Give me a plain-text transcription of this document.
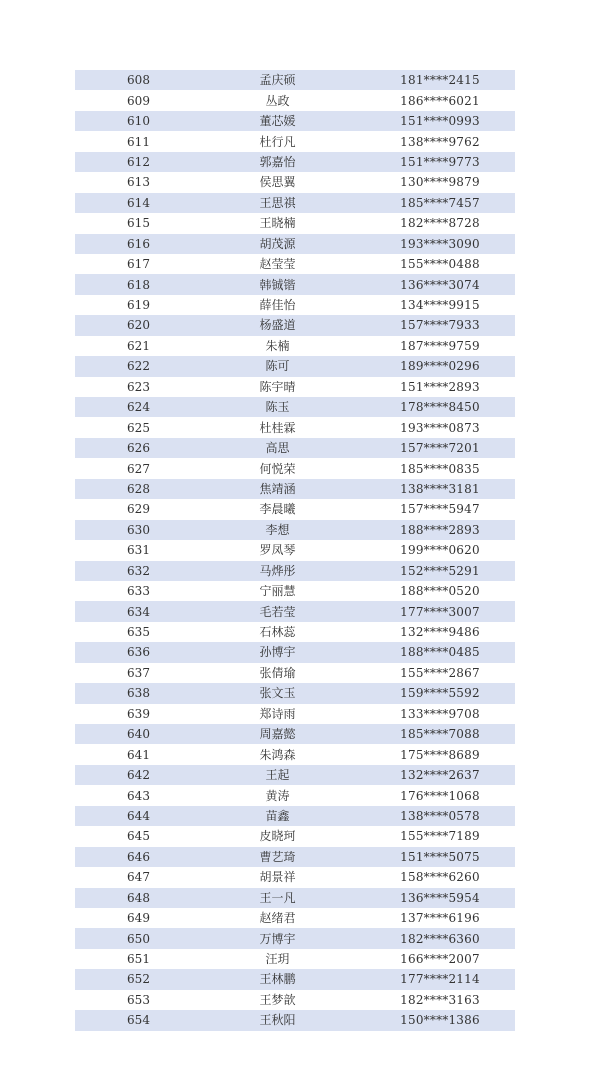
608	孟庆硕	181****2415
609	丛政	186****6021
610	董芯媛	151****0993
611	杜行凡	138****9762
612	郭嘉怡	151****9773
613	侯思翼	130****9879
614	王思祺	185****7457
615	王晓楠	182****8728
616	胡茂源	193****3090
617	赵莹莹	155****0488
618	韩铖锴	136****3074
619	薛佳怡	134****9915
620	杨盛道	157****7933
621	朱楠	187****9759
622	陈可	189****0296
623	陈宇晴	151****2893
624	陈玉	178****8450
625	杜桂霖	193****0873
626	高思	157****7201
627	何悦荣	185****0835
628	焦靖涵	138****3181
629	李晨曦	157****5947
630	李想	188****2893
631	罗凤琴	199****0620
632	马烨彤	152****5291
633	宁丽慧	188****0520
634	毛若莹	177****3007
635	石林蕊	132****9486
636	孙博宇	188****0485
637	张倩瑜	155****2867
638	张文玉	159****5592
639	郑诗雨	133****9708
640	周嘉懿	185****7088
641	朱鸿森	175****8689
642	王起	132****2637
643	黄涛	176****1068
644	苗鑫	138****0578
645	皮晓珂	155****7189
646	曹艺琦	151****5075
647	胡景祥	158****6260
648	王一凡	136****5954
649	赵绪君	137****6196
650	万博宇	182****6360
651	汪玥	166****2007
652	王林鹏	177****2114
653	王梦歆	182****3163
654	王秋阳	150****1386
